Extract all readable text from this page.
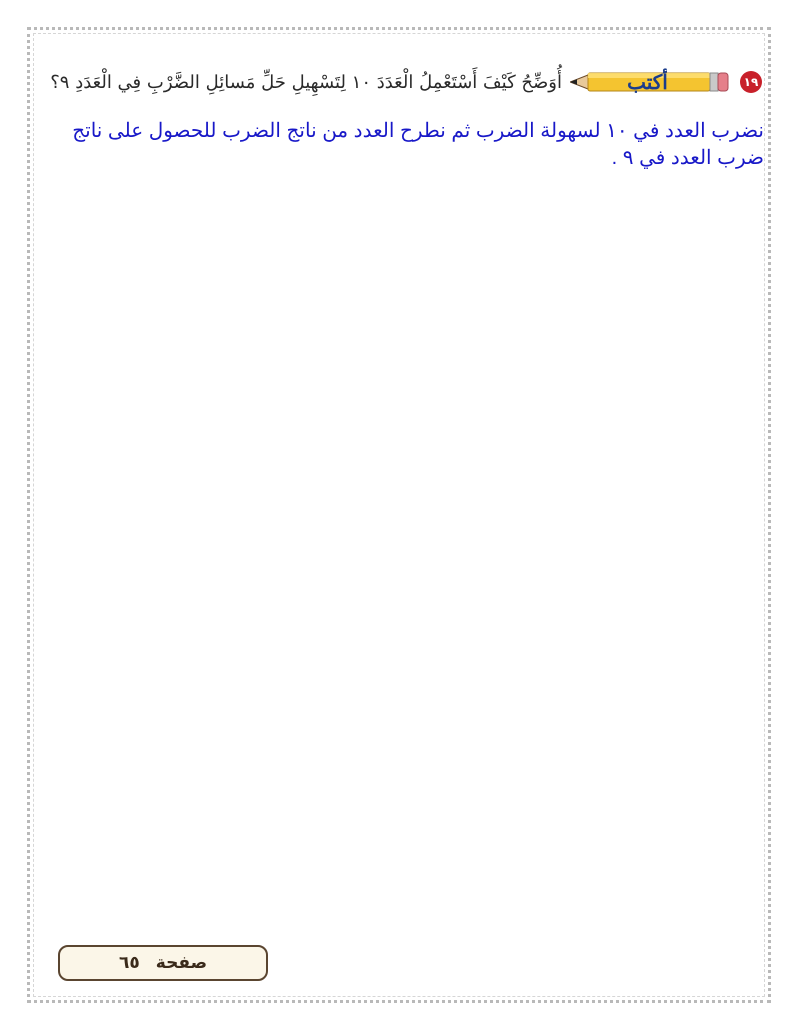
١٩
أكتب
أُوَضِّحُ كَيْفَ أَسْتَعْمِلُ الْعَدَدَ ١٠ لِتَسْهِيلِ حَلِّ مَسائِلِ الضَّرْبِ فِي الْعَدَدِ ٩؟
نضرب العدد في ١٠ لسهولة الضرب ثم نطرح العدد من ناتج الضرب للحصول على ناتج ضرب العدد في ٩ .
صفحة
٦٥
